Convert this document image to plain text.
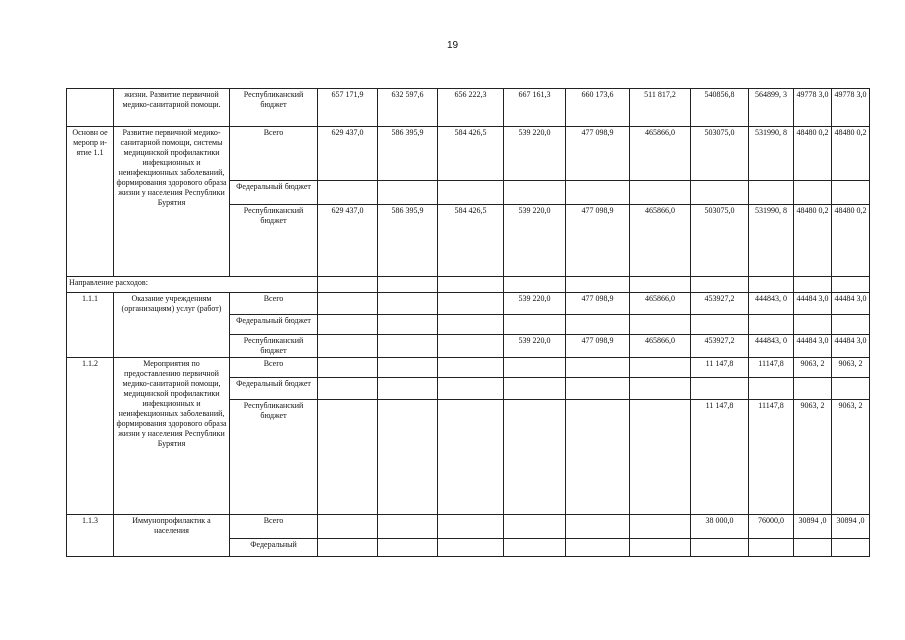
19
	жизни. Развитие первичной медико-санитарной помощи.	Республиканский бюджет	657 171,9	632 597,6	656 222,3	667 161,3	660 173,6	511 817,2	540856,8	564899, 3	49778 3,0	49778 3,0
Основн ое меропр и-ятие 1.1	Развитие первичной медико-санитарной помощи, системы медицинской профилактики инфекционных и неинфекционных заболеваний, формирования здорового образа жизни у населения Республики Бурятия	Всего	629 437,0	586 395,9	584 426,5	539 220,0	477 098,9	465866,0	503075,0	531990, 8	48480 0,2	48480 0,2
		Федеральный бюджет										
		Республиканский бюджет	629 437,0	586 395,9	584 426,5	539 220,0	477 098,9	465866,0	503075,0	531990, 8	48480 0,2	48480 0,2
Направление расходов:												
1.1.1	Оказание учреждениям (организациям) услуг (работ)	Всего				539 220,0	477 098,9	465866,0	453927,2	444843, 0	44484 3,0	44484 3,0
		Федеральный бюджет										
		Республиканский бюджет				539 220,0	477 098,9	465866,0	453927,2	444843, 0	44484 3,0	44484 3,0
1.1.2	Мероприятия по предоставлению первичной медико-санитарной помощи, медицинской профилактики инфекционных и неинфекционных заболеваний, формирования здорового образа жизни у населения Республики Бурятия	Всего							11 147,8	11147,8	9063, 2	9063, 2
		Федеральный бюджет										
		Республиканский бюджет							11 147,8	11147,8	9063, 2	9063, 2
1.1.3	Иммунопрофилактик а населения	Всего							38 000,0	76000,0	30894 ,0	30894 ,0
		Федеральный										
